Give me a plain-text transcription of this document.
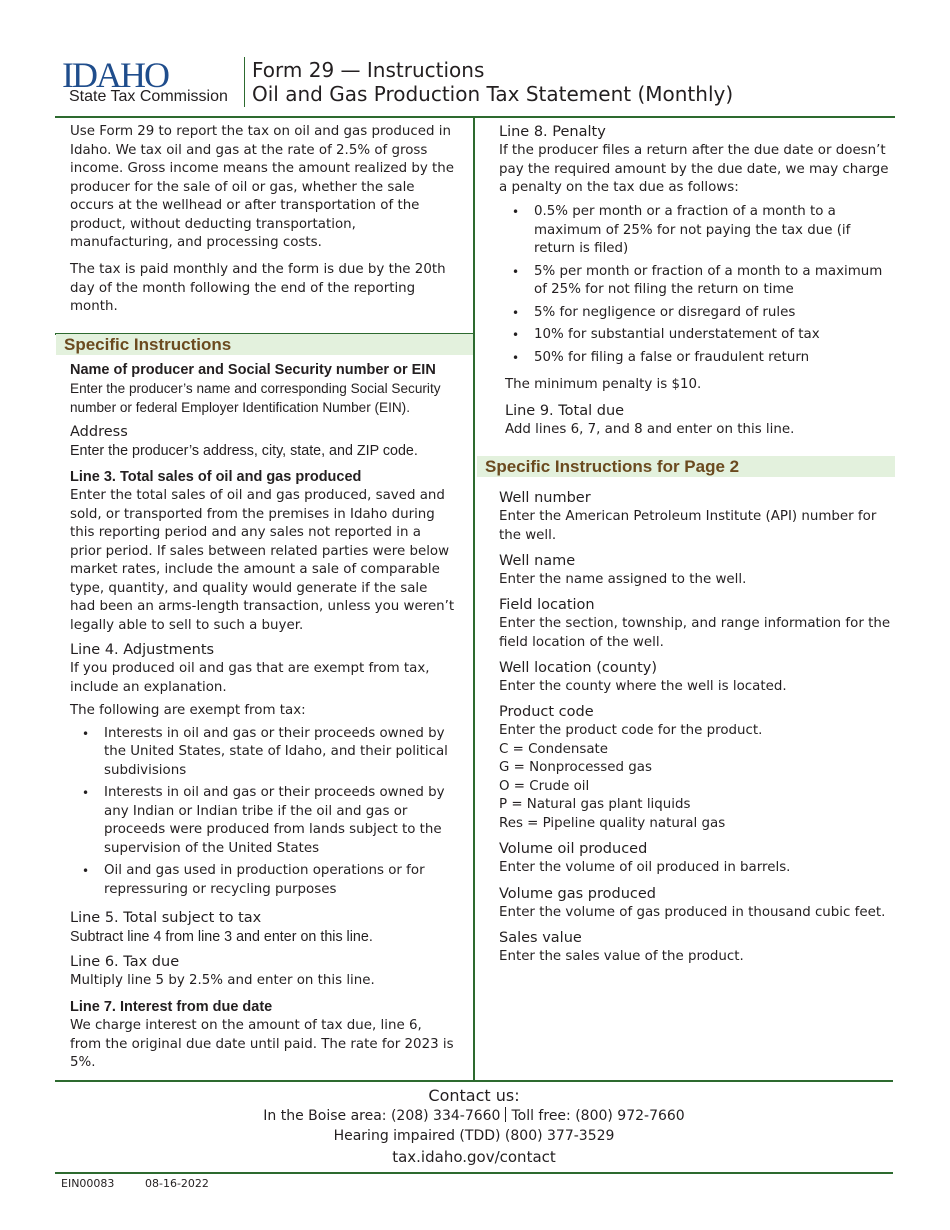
IDAHO
State Tax Commission
Form 29 — Instructions
Oil and Gas Production Tax Statement (Monthly)

Use Form 29 to report the tax on oil and gas produced in Idaho. We tax oil and gas at the rate of 2.5% of gross income. Gross income means the amount realized by the producer for the sale of oil or gas, whether the sale occurs at the wellhead or after transportation of the product, without deducting transportation, manufacturing, and processing costs.

The tax is paid monthly and the form is due by the 20th day of the month following the end of the reporting month.

Specific Instructions

Name of producer and Social Security number or EIN

Enter the producer’s name and corresponding Social Security number or federal Employer Identification Number (EIN).

Address

Enter the producer’s address, city, state, and ZIP code.

Line 3. Total sales of oil and gas produced

Enter the total sales of oil and gas produced, saved and sold, or transported from the premises in Idaho during this reporting period and any sales not reported in a prior period. If sales between related parties were below market rates, include the amount a sale of comparable type, quantity, and quality would generate if the sale had been an arms-length transaction, unless you weren’t legally able to sell to such a buyer.

Line 4. Adjustments

If you produced oil and gas that are exempt from tax, include an explanation.

The following are exempt from tax:

• Interests in oil and gas or their proceeds owned by the United States, state of Idaho, and their political subdivisions
• Interests in oil and gas or their proceeds owned by any Indian or Indian tribe if the oil and gas or proceeds were produced from lands subject to the supervision of the United States
• Oil and gas used in production operations or for repressuring or recycling purposes

Line 5. Total subject to tax

Subtract line 4 from line 3 and enter on this line.

Line 6. Tax due

Multiply line 5 by 2.5% and enter on this line.

Line 7. Interest from due date

We charge interest on the amount of tax due, line 6, from the original due date until paid. The rate for 2023 is 5%.

Line 8. Penalty

If the producer files a return after the due date or doesn’t pay the required amount by the due date, we may charge a penalty on the tax due as follows:

• 0.5% per month or a fraction of a month to a maximum of 25% for not paying the tax due (if return is filed)
• 5% per month or fraction of a month to a maximum of 25% for not filing the return on time
• 5% for negligence or disregard of rules
• 10% for substantial understatement of tax
• 50% for filing a false or fraudulent return

The minimum penalty is $10.

Line 9. Total due

Add lines 6, 7, and 8 and enter on this line.

Specific Instructions for Page 2

Well number

Enter the American Petroleum Institute (API) number for the well.

Well name

Enter the name assigned to the well.

Field location

Enter the section, township, and range information for the field location of the well.

Well location (county)

Enter the county where the well is located.

Product code

Enter the product code for the product.

C = Condensate

G = Nonprocessed gas

O = Crude oil

P = Natural gas plant liquids

Res = Pipeline quality natural gas

Volume oil produced

Enter the volume of oil produced in barrels.

Volume gas produced

Enter the volume of gas produced in thousand cubic feet.

Sales value

Enter the sales value of the product.

Contact us:
In the Boise area: (208) 334-7660 Toll free: (800) 972-7660
Hearing impaired (TDD) (800) 377-3529
tax.idaho.gov/contact
EIN00083	08-16-2022
